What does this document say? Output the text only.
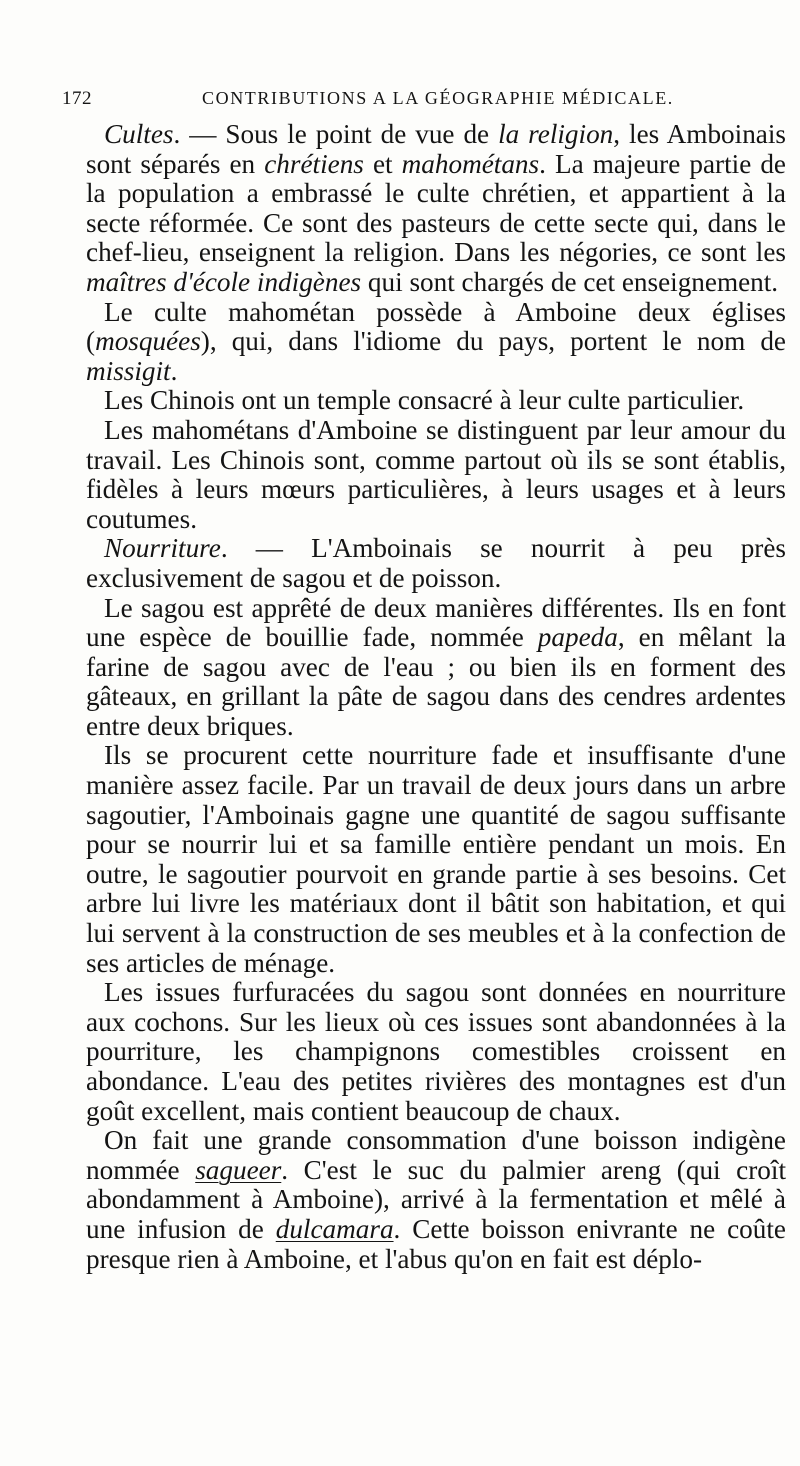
172	CONTRIBUTIONS A LA GÉOGRAPHIE MÉDICALE.

Cultes. — Sous le point de vue de la religion, les Amboinais sont séparés en chrétiens et mahométans. La majeure partie de la population a embrassé le culte chrétien, et appartient à la secte réformée. Ce sont des pasteurs de cette secte qui, dans le chef-lieu, enseignent la religion. Dans les négories, ce sont les maîtres d'école indigènes qui sont chargés de cet enseignement.

Le culte mahométan possède à Amboine deux églises (mosquées), qui, dans l'idiome du pays, portent le nom de missigit.

Les Chinois ont un temple consacré à leur culte particulier.

Les mahométans d'Amboine se distinguent par leur amour du travail. Les Chinois sont, comme partout où ils se sont établis, fidèles à leurs mœurs particulières, à leurs usages et à leurs coutumes.

Nourriture. — L'Amboinais se nourrit à peu près exclusivement de sagou et de poisson.

Le sagou est apprêté de deux manières différentes. Ils en font une espèce de bouillie fade, nommée papeda, en mêlant la farine de sagou avec de l'eau ; ou bien ils en forment des gâteaux, en grillant la pâte de sagou dans des cendres ardentes entre deux briques.

Ils se procurent cette nourriture fade et insuffisante d'une manière assez facile. Par un travail de deux jours dans un arbre sagoutier, l'Amboinais gagne une quantité de sagou suffisante pour se nourrir lui et sa famille entière pendant un mois. En outre, le sagoutier pourvoit en grande partie à ses besoins. Cet arbre lui livre les matériaux dont il bâtit son habitation, et qui lui servent à la construction de ses meubles et à la confection de ses articles de ménage.

Les issues furfuracées du sagou sont données en nourriture aux cochons. Sur les lieux où ces issues sont abandonnées à la pourriture, les champignons comestibles croissent en abondance. L'eau des petites rivières des montagnes est d'un goût excellent, mais contient beaucoup de chaux.

On fait une grande consommation d'une boisson indigène nommée sagueer. C'est le suc du palmier areng (qui croît abondamment à Amboine), arrivé à la fermentation et mêlé à une infusion de dulcamara. Cette boisson enivrante ne coûte presque rien à Amboine, et l'abus qu'on en fait est déplo-
